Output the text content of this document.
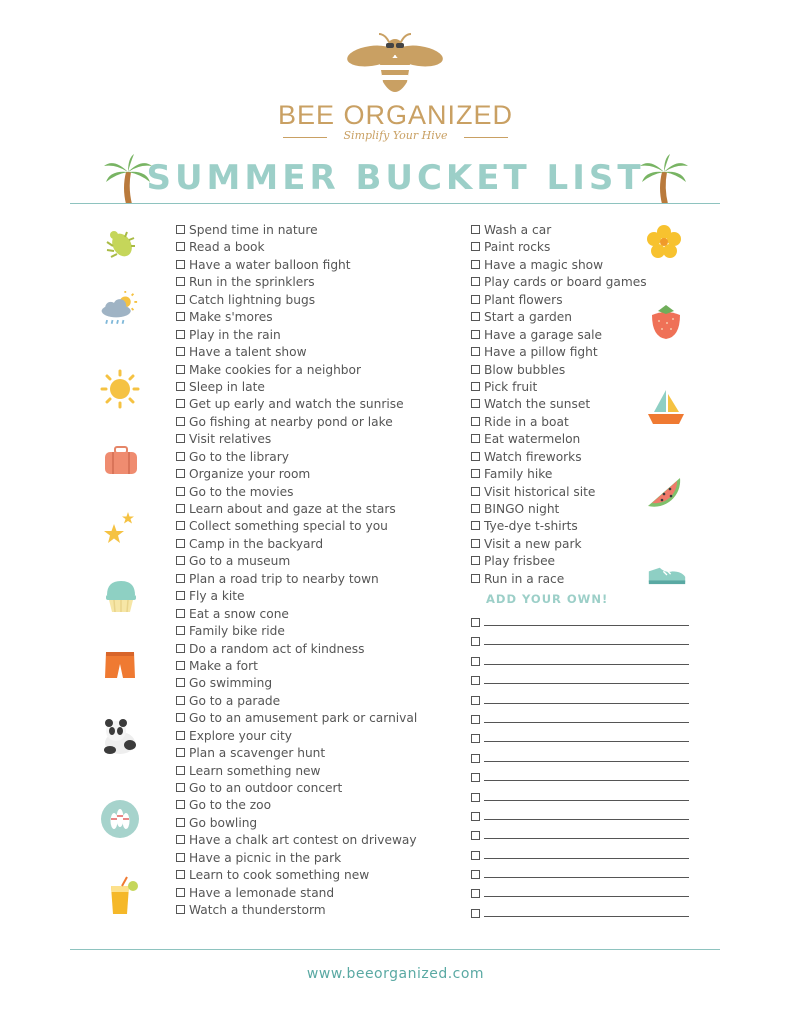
BEE ORGANIZED
Simplify Your Hive
SUMMER BUCKET LIST
Spend time in nature
Read a book
Have a water balloon fight
Run in the sprinklers
Catch lightning bugs
Make s'mores
Play in the rain
Have a talent show
Make cookies for a neighbor
Sleep in late
Get up early and watch the sunrise
Go fishing at nearby pond or lake
Visit relatives
Go to the library
Organize your room
Go to the movies
Learn about and gaze at the stars
Collect something special to you
Camp in the backyard
Go to a museum
Plan a road trip to nearby town
Fly a kite
Eat a snow cone
Family bike ride
Do a random act of kindness
Make a fort
Go swimming
Go to a parade
Go to an amusement park or carnival
Explore your city
Plan a scavenger hunt
Learn something new
Go to an outdoor concert
Go to the zoo
Go bowling
Have a chalk art contest on driveway
Have a picnic in the park
Learn to cook something new
Have a lemonade stand
Watch a thunderstorm
Wash a car
Paint rocks
Have a magic show
Play cards or board games
Plant flowers
Start a garden
Have a garage sale
Have a pillow fight
Blow bubbles
Pick fruit
Watch the sunset
Ride in a boat
Eat watermelon
Watch fireworks
Family hike
Visit historical site
BINGO night
Tye-dye t-shirts
Visit a new park
Play frisbee
Run in a race
ADD YOUR OWN!
www.beeorganized.com
